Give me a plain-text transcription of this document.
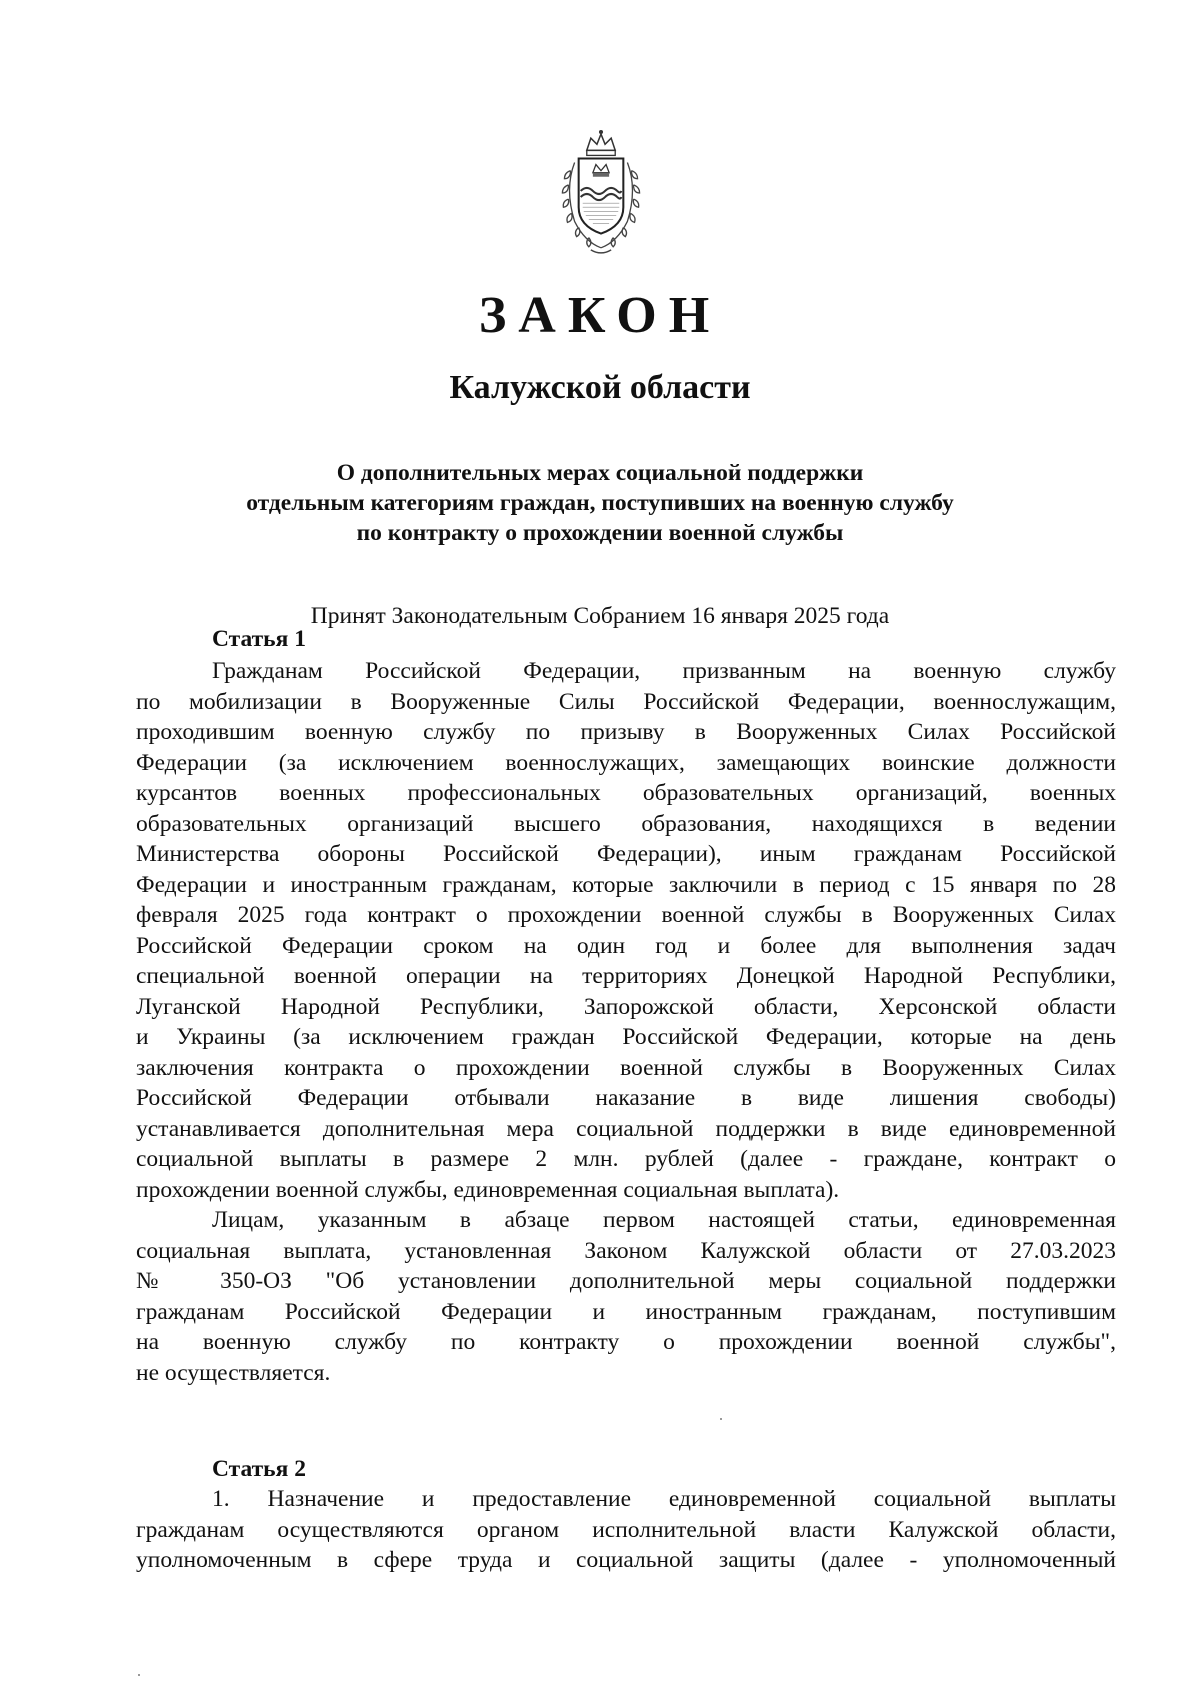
ЗАКОН
Калужской области
О дополнительных мерах социальной поддержки
отдельным категориям граждан, поступивших на военную службу
по контракту о прохождении военной службы
Принят Законодательным Собранием 16 января 2025 года
Статья 1
Гражданам Российской Федерации, призванным на военную службу
по мобилизации в Вооруженные Силы Российской Федерации, военнослужащим,
проходившим военную службу по призыву в Вооруженных Силах Российской
Федерации (за исключением военнослужащих, замещающих воинские должности
курсантов военных профессиональных образовательных организаций, военных
образовательных организаций высшего образования, находящихся в ведении
Министерства обороны Российской Федерации), иным гражданам Российской
Федерации и иностранным гражданам, которые заключили в период с 15 января по 28
февраля 2025 года контракт о прохождении военной службы в Вооруженных Силах
Российской Федерации сроком на один год и более для выполнения задач
специальной военной операции на территориях Донецкой Народной Республики,
Луганской Народной Республики, Запорожской области, Херсонской области
и Украины (за исключением граждан Российской Федерации, которые на день
заключения контракта о прохождении военной службы в Вооруженных Силах
Российской Федерации отбывали наказание в виде лишения свободы)
устанавливается дополнительная мера социальной поддержки в виде единовременной
социальной выплаты в размере 2 млн. рублей (далее - граждане, контракт о
прохождении военной службы, единовременная социальная выплата).
Лицам, указанным в абзаце первом настоящей статьи, единовременная
социальная выплата, установленная Законом Калужской области от 27.03.2023
№ 350-ОЗ "Об установлении дополнительной меры социальной поддержки
гражданам Российской Федерации и иностранным гражданам, поступившим
на военную службу по контракту о прохождении военной службы",
не осуществляется.
Статья 2
1. Назначение и предоставление единовременной социальной выплаты
гражданам осуществляются органом исполнительной власти Калужской области,
уполномоченным в сфере труда и социальной защиты (далее - уполномоченный
